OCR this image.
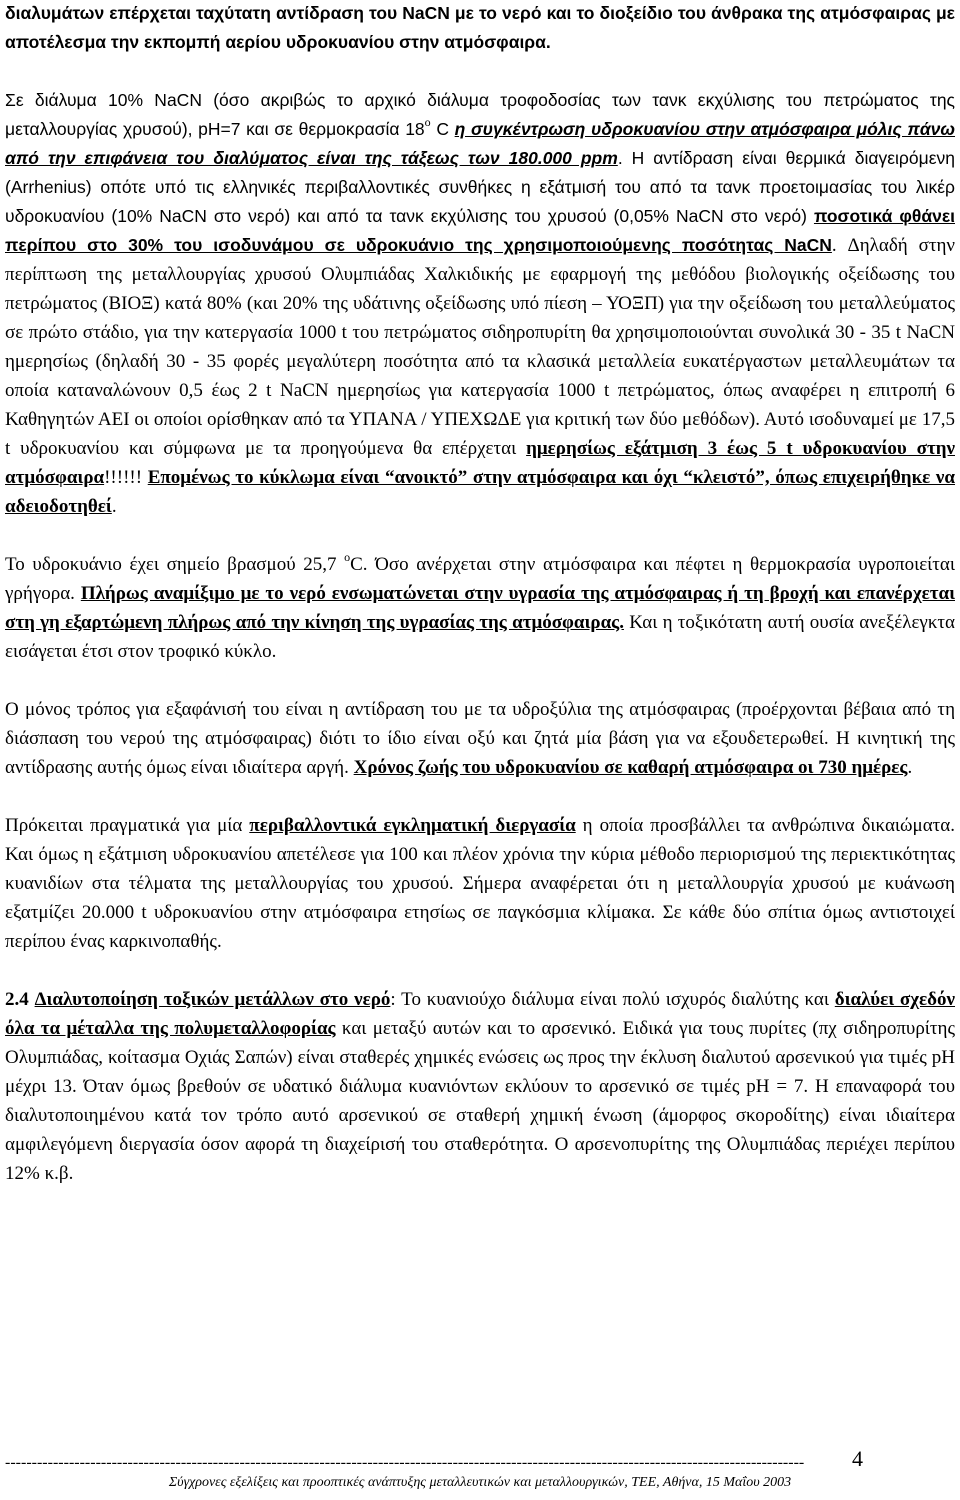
διαλυμάτων επέρχεται ταχύτατη αντίδραση του NaCN με το νερό και το διοξείδιο του άνθρακα της ατμόσφαιρας με αποτέλεσμα την εκπομπή αερίου υδροκυανίου στην ατμόσφαιρα.

Σε διάλυμα 10% NaCN (όσο ακριβώς το αρχικό διάλυμα τροφοδοσίας των τανκ εκχύλισης του πετρώματος της μεταλλουργίας χρυσού), pH=7 και σε θερμοκρασία $18^o$ C η συγκέντρωση υδροκυανίου στην ατμόσφαιρα μόλις πάνω από την επιφάνεια του διαλύματος είναι της τάξεως των 180.000 ppm. Η αντίδραση είναι θερμικά διαγειρόμενη (Arrhenius) οπότε υπό τις ελληνικές περιβαλλοντικές συνθήκες η εξάτμισή του από τα τανκ προετοιμασίας του λικέρ υδροκυανίου (10% NaCN στο νερό) και από τα τανκ εκχύλισης του χρυσού (0,05% NaCN στο νερό) ποσοτικά φθάνει περίπου στο 30% του ισοδυνάμου σε υδροκυάνιο της χρησιμοποιούμενης ποσότητας NaCN. Δηλαδή στην περίπτωση της μεταλλουργίας χρυσού Ολυμπιάδας Χαλκιδικής με εφαρμογή της μεθόδου βιολογικής οξείδωσης του πετρώματος (ΒΙΟΞ) κατά 80% (και 20% της υδάτινης οξείδωσης υπό πίεση – ΥΟΞΠ) για την οξείδωση του μεταλλεύματος σε πρώτο στάδιο, για την κατεργασία 1000 t του πετρώματος σιδηροπυρίτη θα χρησιμοποιούνται συνολικά 30 - 35 t NaCN ημερησίως (δηλαδή 30 - 35 φορές μεγαλύτερη ποσότητα από τα κλασικά μεταλλεία ευκατέργαστων μεταλλευμάτων τα οποία καταναλώνουν 0,5 έως 2 t NaCN ημερησίως για κατεργασία 1000 t πετρώματος, όπως αναφέρει η επιτροπή 6 Καθηγητών ΑΕΙ οι οποίοι ορίσθηκαν από τα ΥΠΑΝΑ / ΥΠΕΧΩΔΕ για κριτική των δύο μεθόδων). Αυτό ισοδυναμεί με 17,5 t υδροκυανίου και σύμφωνα με τα προηγούμενα θα επέρχεται ημερησίως εξάτμιση 3 έως 5 t υδροκυανίου στην ατμόσφαιρα!!!!!! Επομένως το κύκλωμα είναι “ανοικτό” στην ατμόσφαιρα και όχι “κλειστό”, όπως επιχειρήθηκε να αδειοδοτηθεί.

Το υδροκυάνιο έχει σημείο βρασμού 25,7 $^o$C. Όσο ανέρχεται στην ατμόσφαιρα και πέφτει η θερμοκρασία υγροποιείται γρήγορα. Πλήρως αναμίξιμο με το νερό ενσωματώνεται στην υγρασία της ατμόσφαιρας ή τη βροχή και επανέρχεται στη γη εξαρτώμενη πλήρως από την κίνηση της υγρασίας της ατμόσφαιρας. Και η τοξικότατη αυτή ουσία ανεξέλεγκτα εισάγεται έτσι στον τροφικό κύκλο.

Ο μόνος τρόπος για εξαφάνισή του είναι η αντίδραση του με τα υδροξύλια της ατμόσφαιρας (προέρχονται βέβαια από τη διάσπαση του νερού της ατμόσφαιρας) διότι το ίδιο είναι οξύ και ζητά μία βάση για να εξουδετερωθεί. Η κινητική της αντίδρασης αυτής όμως είναι ιδιαίτερα αργή. Χρόνος ζωής του υδροκυανίου σε καθαρή ατμόσφαιρα οι 730 ημέρες.

Πρόκειται πραγματικά για μία περιβαλλοντικά εγκληματική διεργασία η οποία προσβάλλει τα ανθρώπινα δικαιώματα. Και όμως η εξάτμιση υδροκυανίου απετέλεσε για 100 και πλέον χρόνια την κύρια μέθοδο περιορισμού της περιεκτικότητας κυανιδίων στα τέλματα της μεταλλουργίας του χρυσού. Σήμερα αναφέρεται ότι η μεταλλουργία χρυσού με κυάνωση εξατμίζει 20.000 t υδροκυανίου στην ατμόσφαιρα ετησίως σε παγκόσμια κλίμακα. Σε κάθε δύο σπίτια όμως αντιστοιχεί περίπου ένας καρκινοπαθής.

2.4 Διαλυτοποίηση τοξικών μετάλλων στο νερό: Το κυανιούχο διάλυμα είναι πολύ ισχυρός διαλύτης και διαλύει σχεδόν όλα τα μέταλλα της πολυμεταλλοφορίας και μεταξύ αυτών και το αρσενικό. Ειδικά για τους πυρίτες (πχ σιδηροπυρίτης Ολυμπιάδας, κοίτασμα Οχιάς Σαπών) είναι σταθερές χημικές ενώσεις ως προς την έκλυση διαλυτού αρσενικού για τιμές pH μέχρι 13. Όταν όμως βρεθούν σε υδατικό διάλυμα κυανιόντων εκλύουν το αρσενικό σε τιμές pH = 7. Η επαναφορά του διαλυτοποιημένου κατά τον τρόπο αυτό αρσενικού σε σταθερή χημική ένωση (άμορφος σκοροδίτης) είναι ιδιαίτερα αμφιλεγόμενη διεργασία όσον αφορά τη διαχείρισή του σταθερότητα. Ο αρσενοπυρίτης της Ολυμπιάδας περιέχει περίπου 12% κ.β.

------------------------------------------------------------------------------------------------------------------------------------------------------	4
Σύγχρονες εξελίξεις και προοπτικές ανάπτυξης μεταλλευτικών και μεταλλουργικών, ΤΕΕ, Αθήνα, 15 Μαΐου 2003
